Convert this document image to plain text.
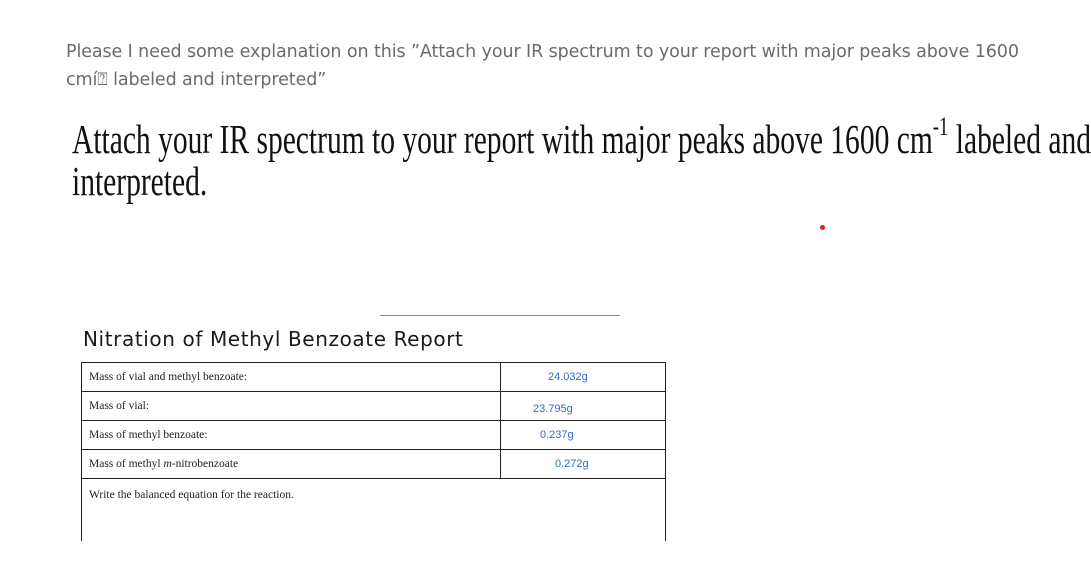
Please I need some explanation on this ”Attach your IR spectrum to your report with major peaks above 1600 cmí⍰ labeled and interpreted”
Attach your IR spectrum to your report with major peaks above 1600 $cm^{-1}$ labeled and
interpreted.
Nitration of Methyl Benzoate Report
Mass of vial and methyl benzoate:	24.032g

Mass of vial:	23.795g

Mass of methyl benzoate:	0.237g

Mass of methyl m-nitrobenzoate	0.272g

Write the balanced equation for the reaction.	
